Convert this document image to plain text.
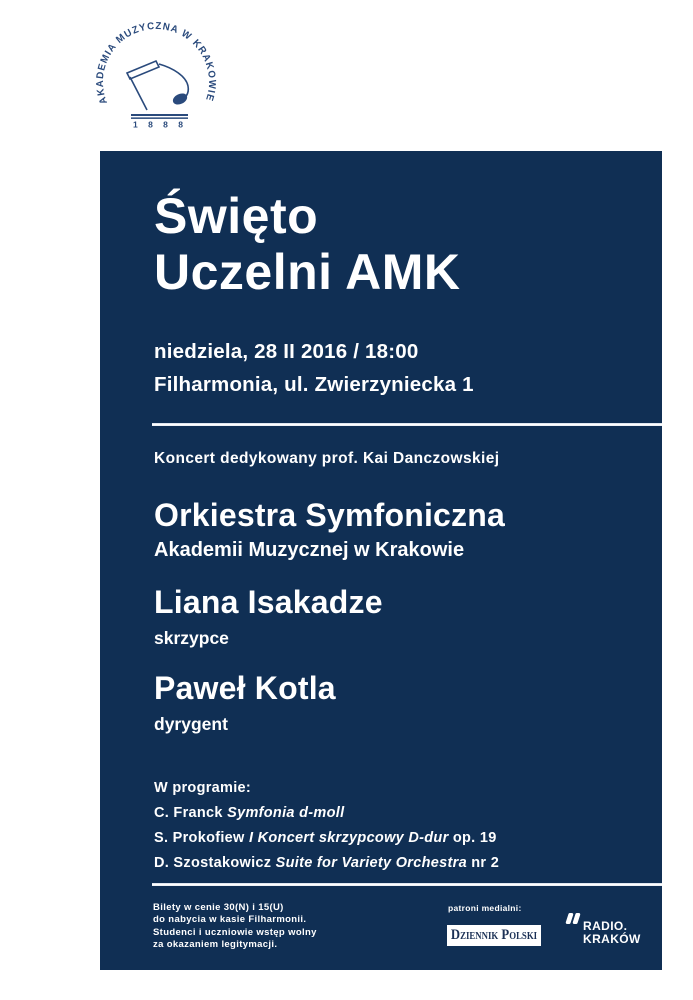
AKADEMIA MUZYCZNA W KRAKOWIE
1 8 8 8
Święto
Uczelni AMK
niedziela, 28 II 2016 / 18:00
Filharmonia, ul. Zwierzyniecka 1
Koncert dedykowany prof. Kai Danczowskiej
Orkiestra Symfoniczna
Akademii Muzycznej w Krakowie
Liana Isakadze
skrzypce
Paweł Kotla
dyrygent
W programie:
C. Franck Symfonia d-moll
S. Prokofiew I Koncert skrzypcowy D-dur op. 19
D. Szostakowicz Suite for Variety Orchestra nr 2
Bilety w cenie 30(N) i 15(U)
do nabycia w kasie Filharmonii.
Studenci i uczniowie wstęp wolny
za okazaniem legitymacji.
patroni medialni:
Dziennik Polski
RADIO.
KRAKÓW
